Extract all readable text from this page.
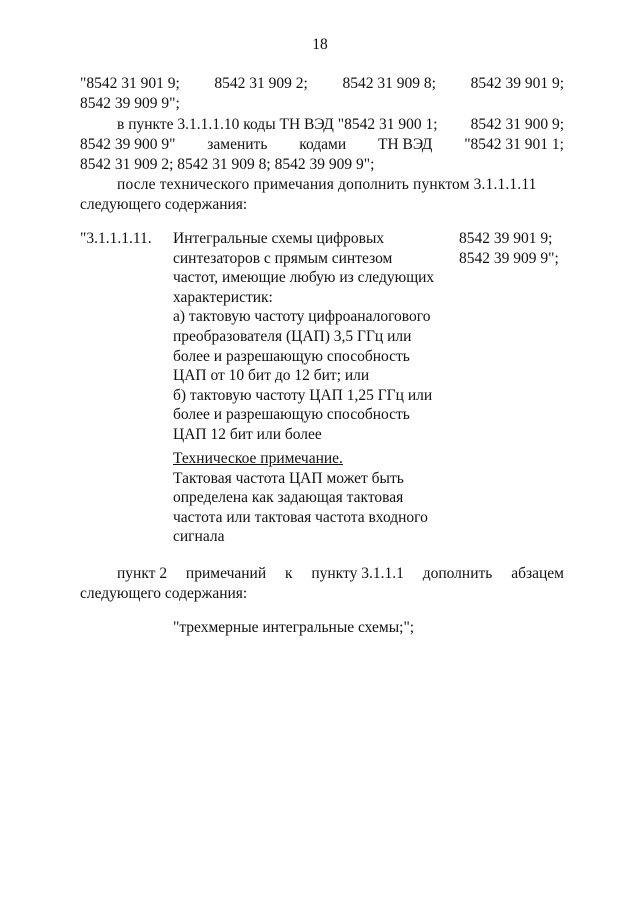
18
"8542 31 901 9; 8542 31 909 2; 8542 31 909 8; 8542 39 901 9;
8542 39 909 9";
в пункте 3.1.1.1.10 коды ТН ВЭД "8542 31 900 1; 8542 31 900 9;
8542 39 900 9" заменить кодами ТН ВЭД "8542 31 901 1;
8542 31 909 2; 8542 31 909 8; 8542 39 909 9";
после технического примечания дополнить пунктом 3.1.1.1.11
следующего содержания:
"3.1.1.1.11. Интегральные схемы цифровых
синтезаторов с прямым синтезом
частот, имеющие любую из следующих
характеристик:
а) тактовую частоту цифроаналогового
преобразователя (ЦАП) 3,5 ГГц или
более и разрешающую способность
ЦАП от 10 бит до 12 бит; или
б) тактовую частоту ЦАП 1,25 ГГц или
более и разрешающую способность
ЦАП 12 бит или более
8542 39 901 9;
8542 39 909 9";
Техническое примечание.
Тактовая частота ЦАП может быть
определена как задающая тактовая
частота или тактовая частота входного
сигнала
пункт 2 примечаний к пункту 3.1.1.1 дополнить абзацем
следующего содержания:
"трехмерные интегральные схемы;";
